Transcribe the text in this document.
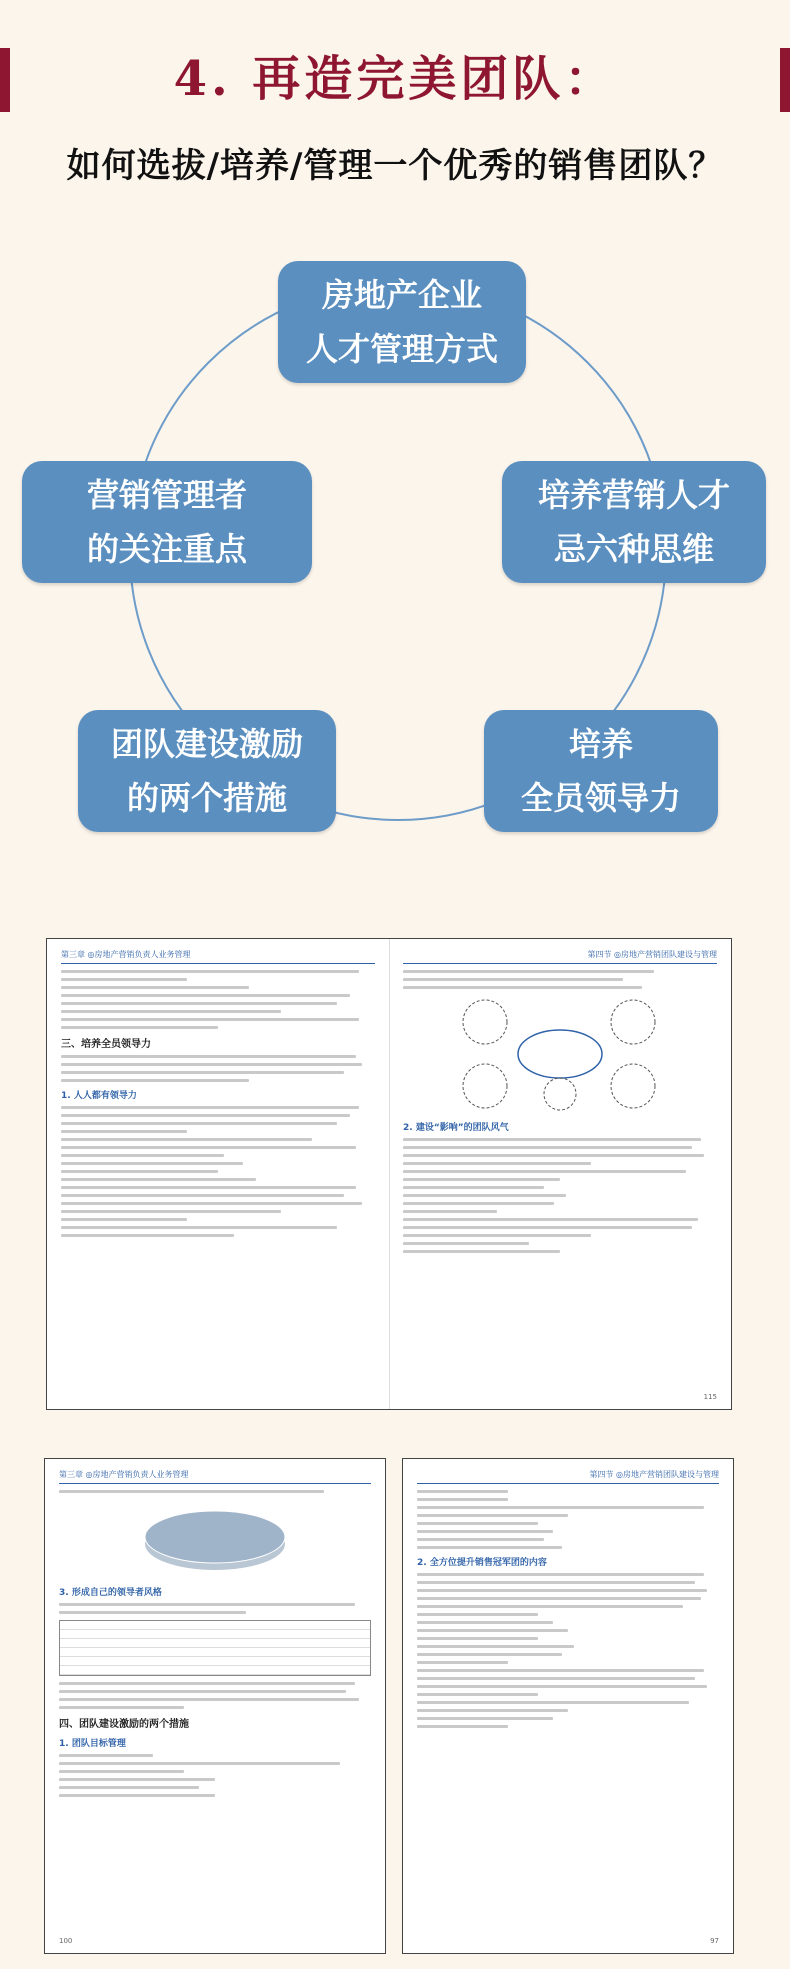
4. 再造完美团队：
如何选拔/培养/管理一个优秀的销售团队？
房地产企业
人才管理方式
培养营销人才
忌六种思维
培养
全员领导力
团队建设激励
的两个措施
营销管理者
的关注重点
第三章 ◎房地产营销负责人业务管理
三、培养全员领导力
1. 人人都有领导力
第四节 ◎房地产营销团队建设与管理
2. 建设“影响”的团队风气
115
第三章 ◎房地产营销负责人业务管理
3. 形成自己的领导者风格
四、团队建设激励的两个措施
1. 团队目标管理
100
第四节 ◎房地产营销团队建设与管理
2. 全方位提升销售冠军团的内容
97
